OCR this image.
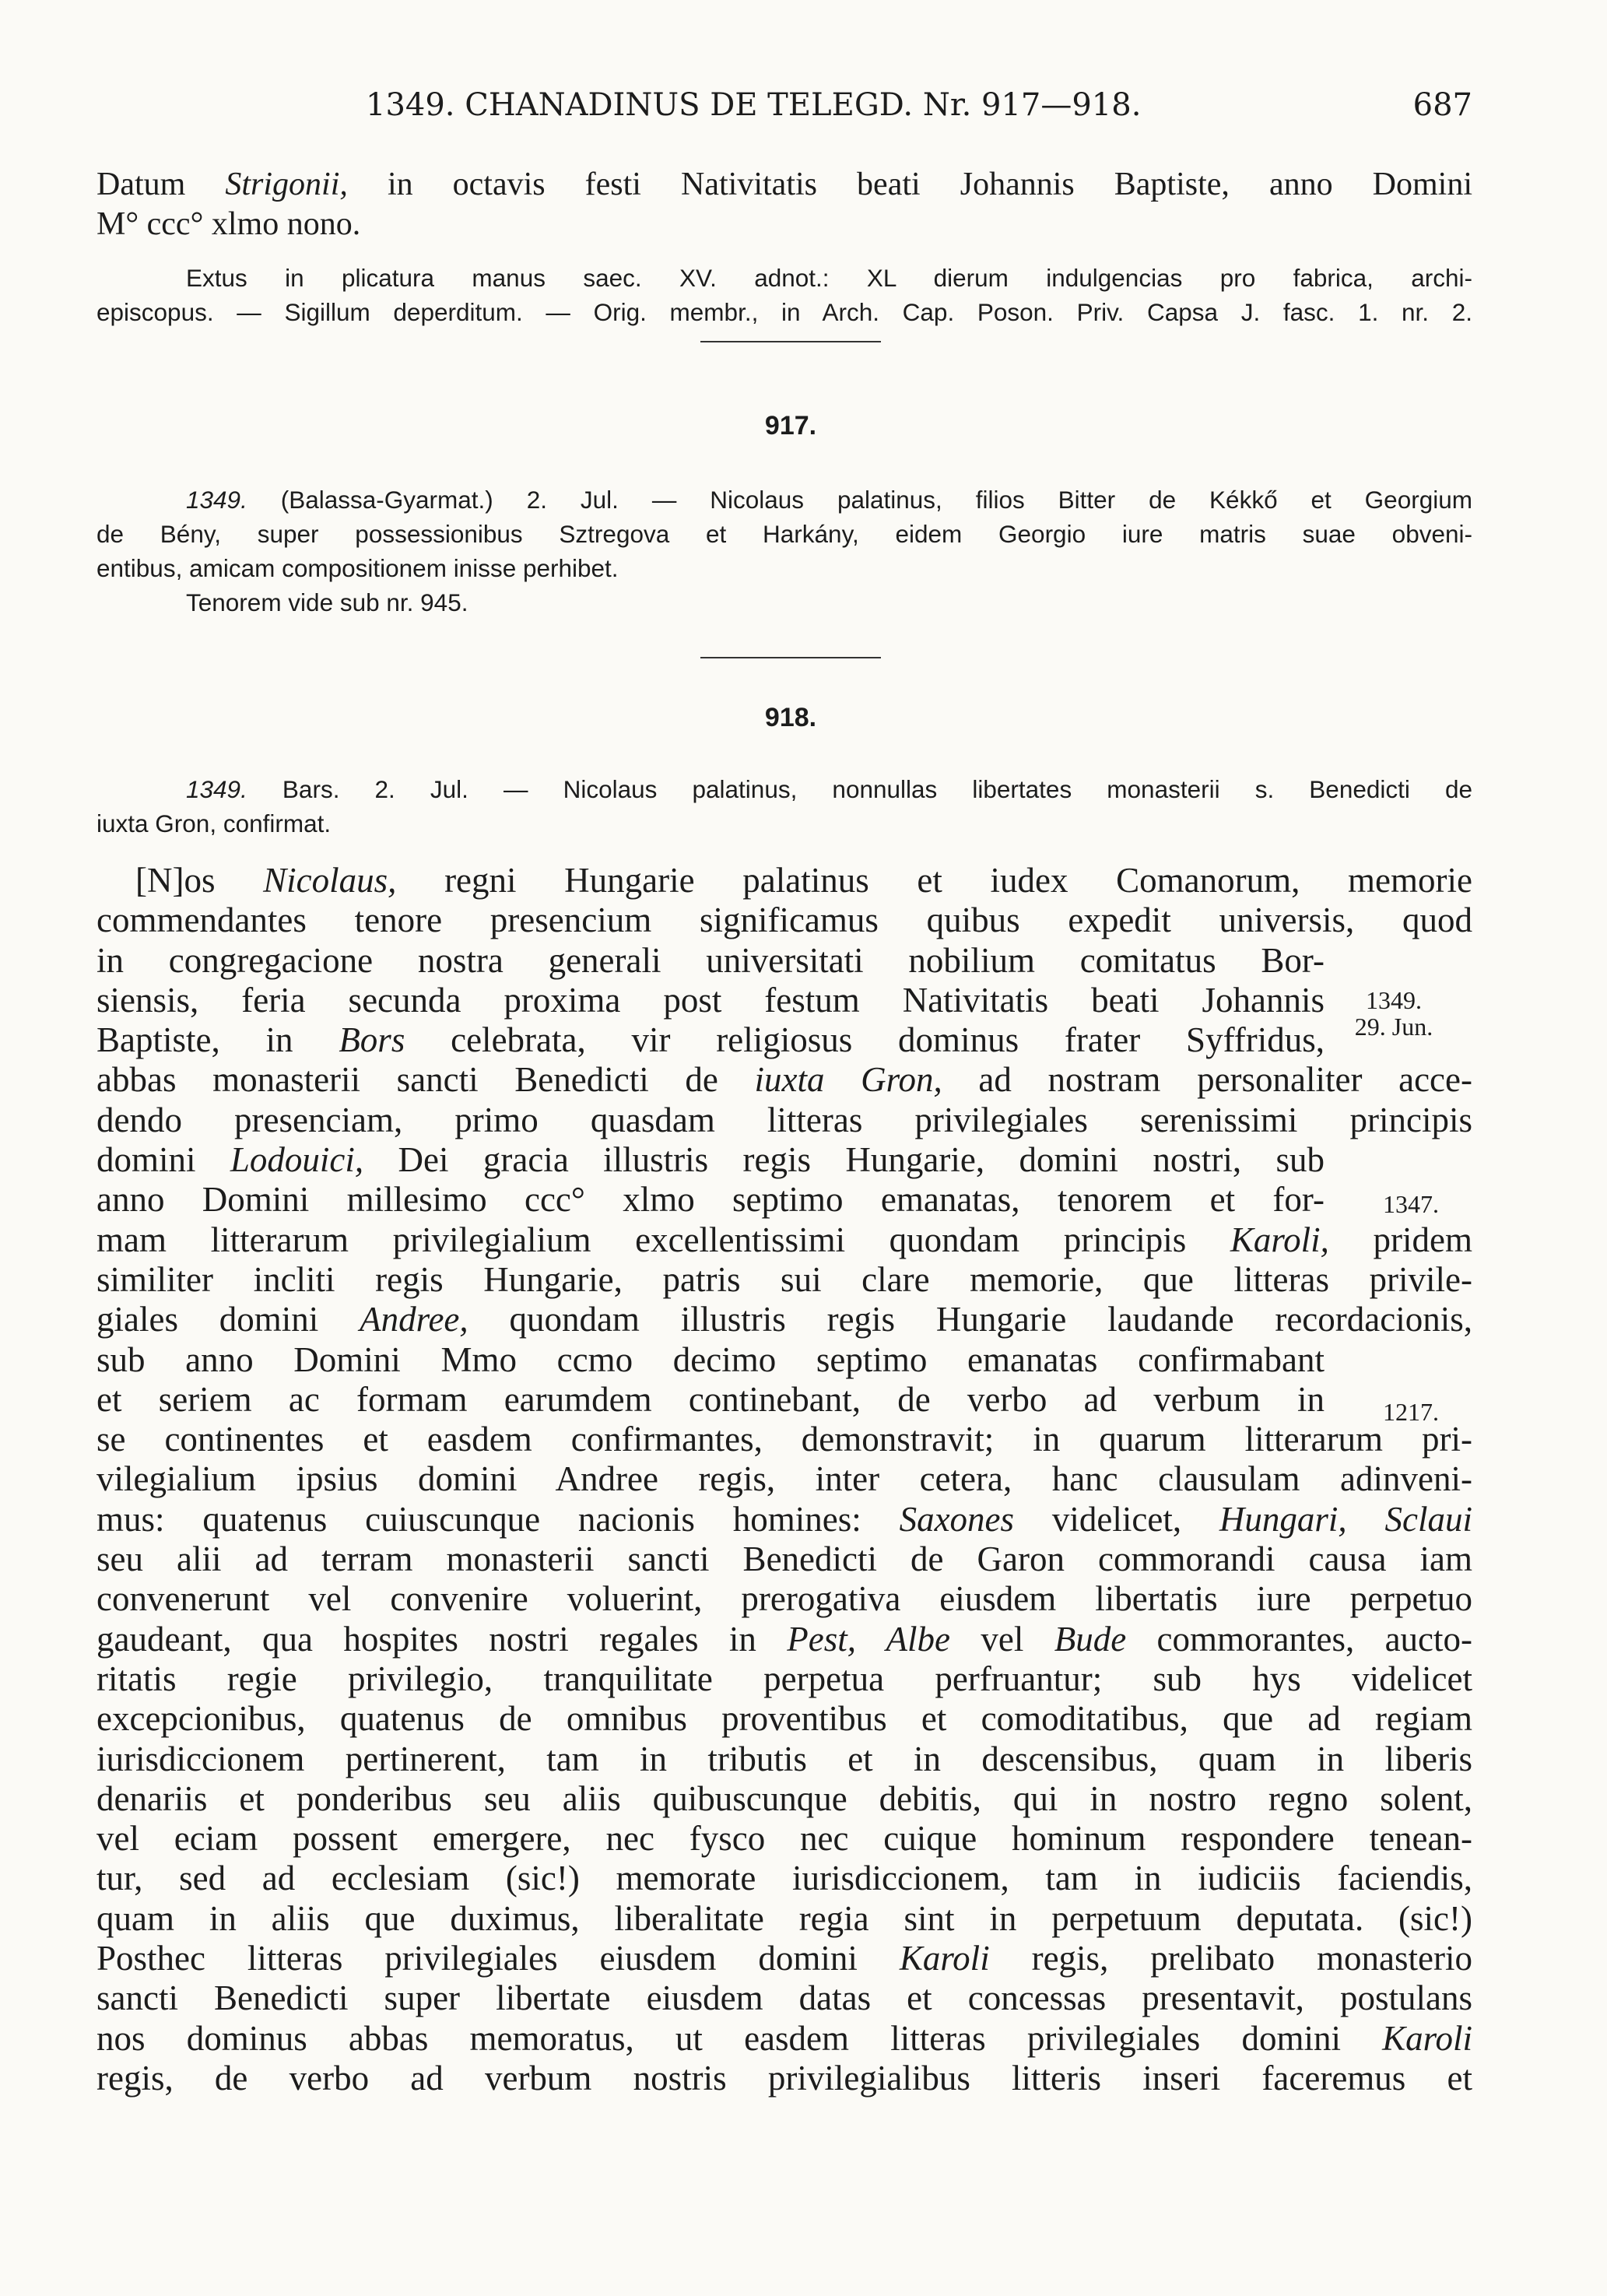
1349. CHANADINUS DE TELEGD. Nr. 917—918.	687
Datum Strigonii, in octavis festi Nativitatis beati Johannis Baptiste, anno Domini
M° ccc° xlmo nono.
Extus in plicatura manus saec. XV. adnot.: XL dierum indulgencias pro fabrica, archi-
episcopus. — Sigillum deperditum. — Orig. membr., in Arch. Cap. Poson. Priv. Capsa J. fasc. 1. nr. 2.
917.
1349. (Balassa-Gyarmat.) 2. Jul. — Nicolaus palatinus, filios Bitter de Kékkő et Georgium
de Bény, super possessionibus Sztregova et Harkány, eidem Georgio iure matris suae obveni-
entibus, amicam compositionem inisse perhibet.
Tenorem vide sub nr. 945.
918.
1349. Bars. 2. Jul. — Nicolaus palatinus, nonnullas libertates monasterii s. Benedicti de
iuxta Gron, confirmat.
[N]os Nicolaus, regni Hungarie palatinus et iudex Comanorum, memorie
commendantes tenore presencium significamus quibus expedit universis, quod
in congregacione nostra generali universitati nobilium comitatus Bor-
siensis, feria secunda proxima post festum Nativitatis beati Johannis
Baptiste, in Bors celebrata, vir religiosus dominus frater Syffridus,
abbas monasterii sancti Benedicti de iuxta Gron, ad nostram personaliter acce-
dendo presenciam, primo quasdam litteras privilegiales serenissimi principis
domini Lodouici, Dei gracia illustris regis Hungarie, domini nostri, sub
anno Domini millesimo ccc° xlmo septimo emanatas, tenorem et for-
mam litterarum privilegialium excellentissimi quondam principis Karoli, pridem
similiter incliti regis Hungarie, patris sui clare memorie, que litteras privile-
giales domini Andree, quondam illustris regis Hungarie laudande recordacionis,
sub anno Domini Mmo ccmo decimo septimo emanatas confirmabant
et seriem ac formam earumdem continebant, de verbo ad verbum in
se continentes et easdem confirmantes, demonstravit; in quarum litterarum pri-
vilegialium ipsius domini Andree regis, inter cetera, hanc clausulam adinveni-
mus: quatenus cuiuscunque nacionis homines: Saxones videlicet, Hungari, Sclaui
seu alii ad terram monasterii sancti Benedicti de Garon commorandi causa iam
convenerunt vel convenire voluerint, prerogativa eiusdem libertatis iure perpetuo
gaudeant, qua hospites nostri regales in Pest, Albe vel Bude commorantes, aucto-
ritatis regie privilegio, tranquilitate perpetua perfruantur; sub hys videlicet
excepcionibus, quatenus de omnibus proventibus et comoditatibus, que ad regiam
iurisdiccionem pertinerent, tam in tributis et in descensibus, quam in liberis
denariis et ponderibus seu aliis quibuscunque debitis, qui in nostro regno solent,
vel eciam possent emergere, nec fysco nec cuique hominum respondere tenean-
tur, sed ad ecclesiam (sic!) memorate iurisdiccionem, tam in iudiciis faciendis,
quam in aliis que duximus, liberalitate regia sint in perpetuum deputata. (sic!)
Posthec litteras privilegiales eiusdem domini Karoli regis, prelibato monasterio
sancti Benedicti super libertate eiusdem datas et concessas presentavit, postulans
nos dominus abbas memoratus, ut easdem litteras privilegiales domini Karoli
regis, de verbo ad verbum nostris privilegialibus litteris inseri faceremus et
1349.
29. Jun.
1347.
1217.
